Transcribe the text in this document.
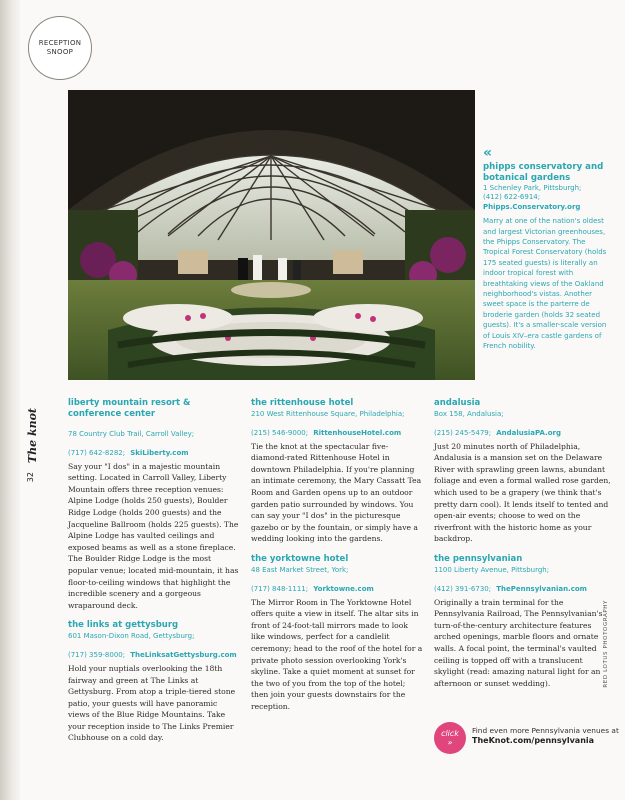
RECEPTION
SNOOP
The knot
32
«
phipps conservatory and botanical gardens
1 Schenley Park, Pittsburgh;
(412) 622-6914;
Phipps.Conservatory.org
Marry at one of the nation's oldest and largest Victorian greenhouses, the Phipps Conservatory. The Tropical Forest Conservatory (holds 175 seated guests) is literally an indoor tropical forest with breathtaking views of the Oakland neighborhood's vistas. Another sweet space is the parterre de broderie garden (holds 32 seated guests). It's a smaller-scale version of Louis XIV–era castle gardens of French nobility.
liberty mountain resort & conference center
78 Country Club Trail, Carroll Valley;
(717) 642-8282; SkiLiberty.com
Say your "I dos" in a majestic mountain setting. Located in Carroll Valley, Liberty Mountain offers three reception venues: Alpine Lodge (holds 250 guests), Boulder Ridge Lodge (holds 200 guests) and the Jacqueline Ballroom (holds 225 guests). The Alpine Lodge has vaulted ceilings and exposed beams as well as a stone fireplace. The Boulder Ridge Lodge is the most popular venue; located mid-mountain, it has floor-to-ceiling windows that highlight the incredible scenery and a gorgeous wraparound deck.
the links at gettysburg
601 Mason-Dixon Road, Gettysburg;
(717) 359-8000; TheLinksatGettysburg.com
Hold your nuptials overlooking the 18th fairway and green at The Links at Gettysburg. From atop a triple-tiered stone patio, your guests will have panoramic views of the Blue Ridge Mountains. Take your reception inside to The Links Premier Clubhouse on a cold day.
the rittenhouse hotel
210 West Rittenhouse Square, Philadelphia;
(215) 546-9000; RittenhouseHotel.com
Tie the knot at the spectacular five-diamond-rated Rittenhouse Hotel in downtown Philadelphia. If you're planning an intimate ceremony, the Mary Cassatt Tea Room and Garden opens up to an outdoor garden patio surrounded by windows. You can say your "I dos" in the picturesque gazebo or by the fountain, or simply have a wedding looking into the gardens.
the yorktowne hotel
48 East Market Street, York;
(717) 848-1111; Yorktowne.com
The Mirror Room in The Yorktowne Hotel offers quite a view in itself. The altar sits in front of 24-foot-tall mirrors made to look like windows, perfect for a candlelit ceremony; head to the roof of the hotel for a private photo session overlooking York's skyline. Take a quiet moment at sunset for the two of you from the top of the hotel; then join your guests downstairs for the reception.
andalusia
Box 158, Andalusia;
(215) 245-5479; AndalusiaPA.org
Just 20 minutes north of Philadelphia, Andalusia is a mansion set on the Delaware River with sprawling green lawns, abundant foliage and even a formal walled rose garden, which used to be a grapery (we think that's pretty darn cool). It lends itself to tented and open-air events; choose to wed on the riverfront with the historic home as your backdrop.
the pennsylvanian
1100 Liberty Avenue, Pittsburgh;
(412) 391-6730; ThePennsylvanian.com
Originally a train terminal for the Pennsylvania Railroad, The Pennsylvanian's turn-of-the-century architecture features arched openings, marble floors and ornate walls. A focal point, the terminal's vaulted ceiling is topped off with a translucent skylight (read: amazing natural light for an afternoon or sunset wedding).
click
»
Find even more Pennsylvania venues at TheKnot.com/pennsylvania
RED LOTUS PHOTOGRAPHY
